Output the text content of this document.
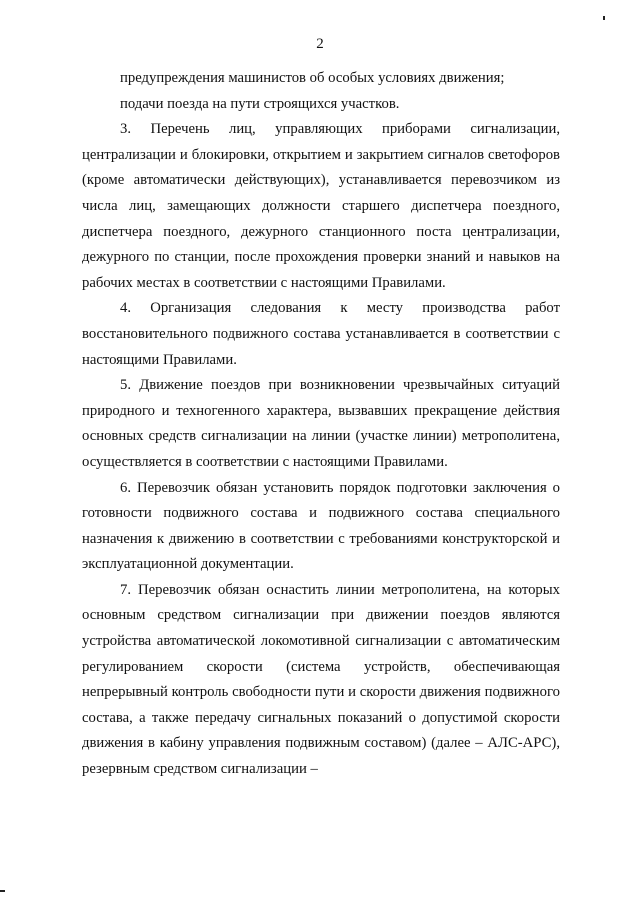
2

предупреждения машинистов об особых условиях движения;

подачи поезда на пути строящихся участков.

3. Перечень лиц, управляющих приборами сигнализации, централизации и блокировки, открытием и закрытием сигналов светофоров (кроме автоматически действующих), устанавливается перевозчиком из числа лиц, замещающих должности старшего диспетчера поездного, диспетчера поездного, дежурного станционного поста централизации, дежурного по станции, после прохождения проверки знаний и навыков на рабочих местах в соответствии с настоящими Правилами.

4. Организация следования к месту производства работ восстановительного подвижного состава устанавливается в соответствии с настоящими Правилами.

5. Движение поездов при возникновении чрезвычайных ситуаций природного и техногенного характера, вызвавших прекращение действия основных средств сигнализации на линии (участке линии) метрополитена, осуществляется в соответствии с настоящими Правилами.

6. Перевозчик обязан установить порядок подготовки заключения о готовности подвижного состава и подвижного состава специального назначения к движению в соответствии с требованиями конструкторской и эксплуатационной документации.

7. Перевозчик обязан оснастить линии метрополитена, на которых основным средством сигнализации при движении поездов являются устройства автоматической локомотивной сигнализации с автоматическим регулированием скорости (система устройств, обеспечивающая непрерывный контроль свободности пути и скорости движения подвижного состава, а также передачу сигнальных показаний о допустимой скорости движения в кабину управления подвижным составом) (далее – АЛС-АРС), резервным средством сигнализации –
